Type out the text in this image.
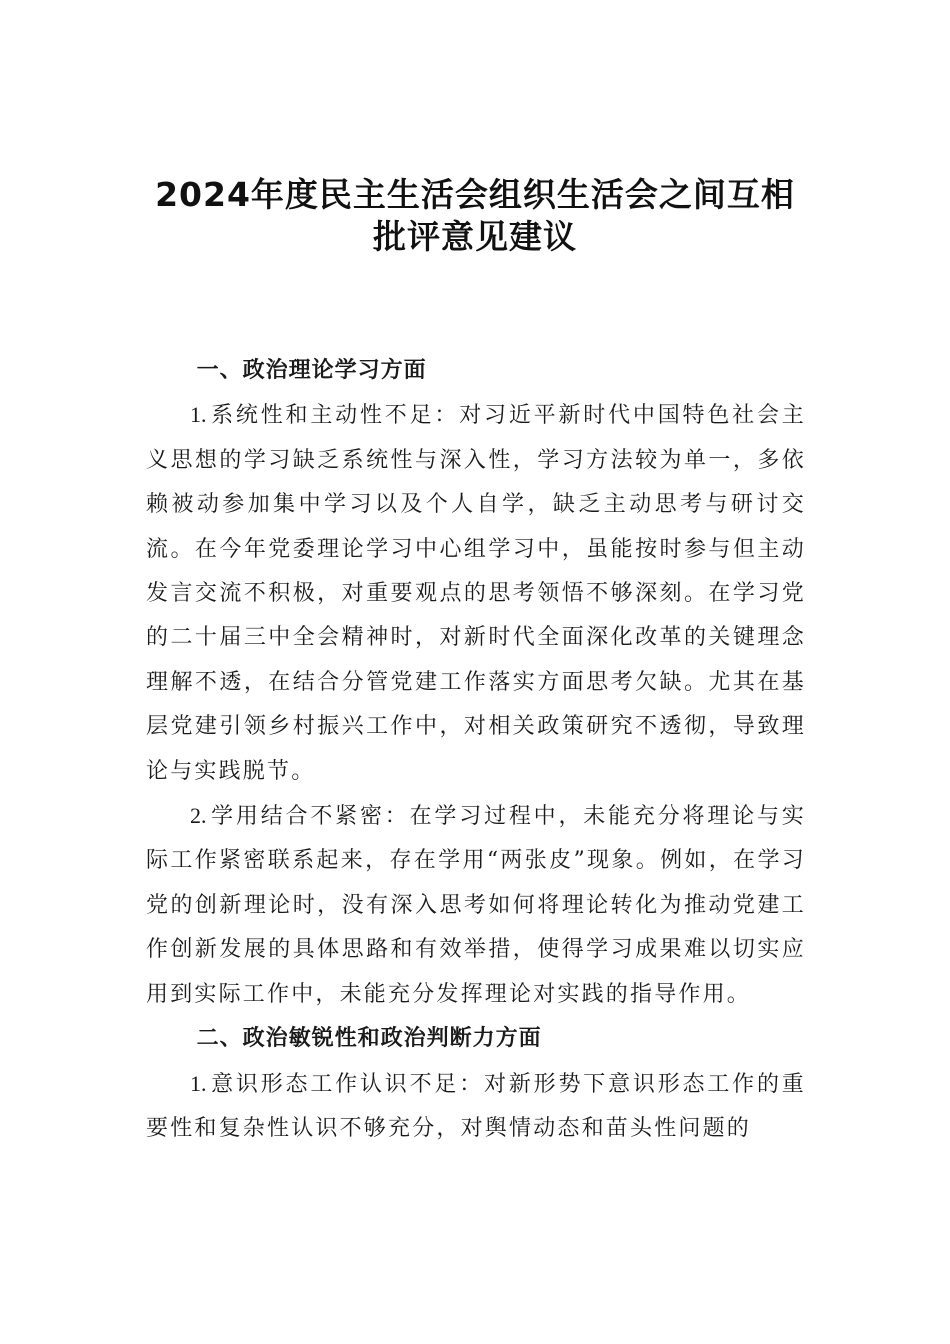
2024年度民主生活会组织生活会之间互相
批评意见建议
一、政治理论学习方面

1. 系统性和主动性不足：对习近平新时代中国特色社会主义思想的学习缺乏系统性与深入性，学习方法较为单一，多依赖被动参加集中学习以及个人自学，缺乏主动思考与研讨交流。在今年党委理论学习中心组学习中，虽能按时参与但主动发言交流不积极，对重要观点的思考领悟不够深刻。在学习党的二十届三中全会精神时，对新时代全面深化改革的关键理念理解不透，在结合分管党建工作落实方面思考欠缺。尤其在基层党建引领乡村振兴工作中，对相关政策研究不透彻，导致理论与实践脱节。

2. 学用结合不紧密：在学习过程中，未能充分将理论与实际工作紧密联系起来，存在学用“两张皮”现象。例如，在学习党的创新理论时，没有深入思考如何将理论转化为推动党建工作创新发展的具体思路和有效举措，使得学习成果难以切实应用到实际工作中，未能充分发挥理论对实践的指导作用。

二、政治敏锐性和政治判断力方面

1. 意识形态工作认识不足：对新形势下意识形态工作的重要性和复杂性认识不够充分，对舆情动态和苗头性问题的
